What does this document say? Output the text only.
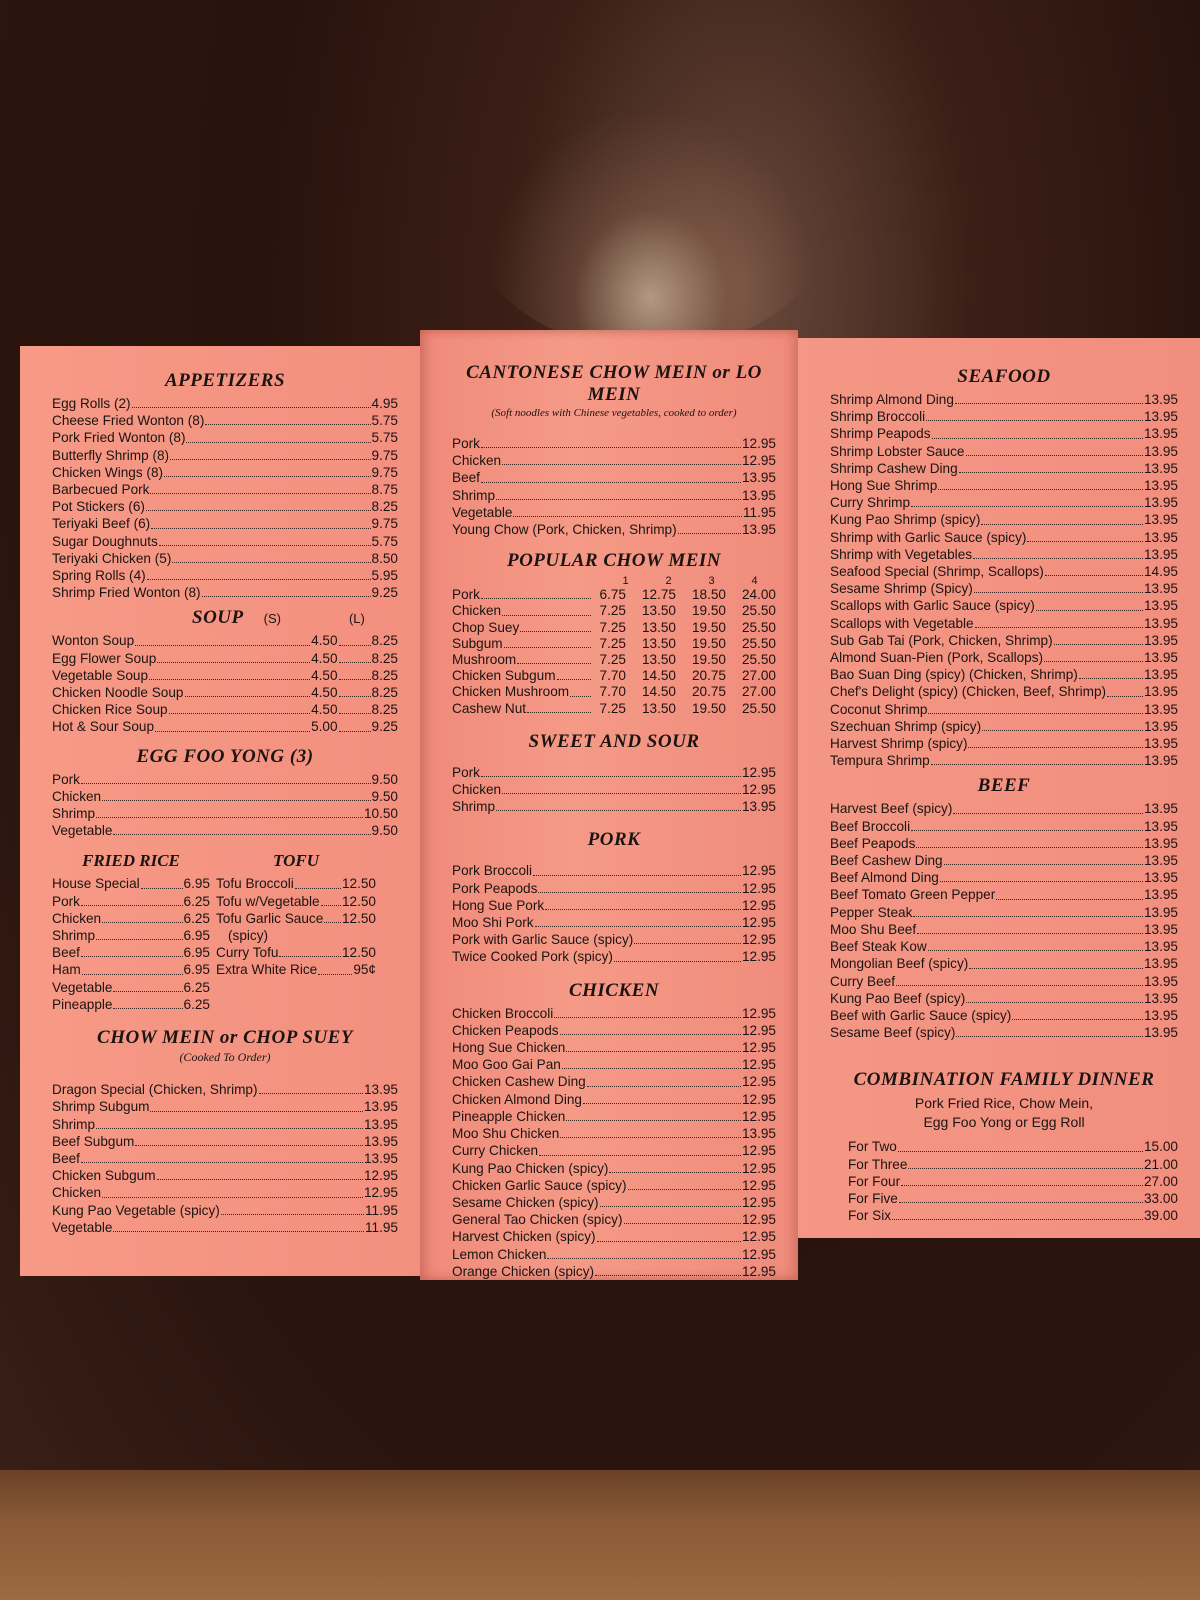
APPETIZERS
Egg Rolls (2)	4.95
Cheese Fried Wonton (8)	5.75
Pork Fried Wonton (8)	5.75
Butterfly Shrimp (8)	9.75
Chicken Wings (8)	9.75
Barbecued Pork	8.75
Pot Stickers (6)	8.25
Teriyaki Beef (6)	9.75
Sugar Doughnuts	5.75
Teriyaki Chicken (5)	8.50
Spring Rolls (4)	5.95
Shrimp Fried Wonton (8)	9.25
SOUP (S)	(L)
Wonton Soup	4.50	8.25
Egg Flower Soup	4.50	8.25
Vegetable Soup	4.50	8.25
Chicken Noodle Soup	4.50	8.25
Chicken Rice Soup	4.50	8.25
Hot & Sour Soup	5.00	9.25
EGG FOO YONG (3)
Pork	9.50
Chicken	9.50
Shrimp	10.50
Vegetable	9.50
FRIED RICE
House Special	6.95
Pork	6.25
Chicken	6.25
Shrimp	6.95
Beef	6.95
Ham	6.95
Vegetable	6.25
Pineapple	6.25
TOFU
Tofu Broccoli	12.50
Tofu w/Vegetable 12.50
Tofu Garlic Sauce 12.50
(spicy)
Curry Tofu	12.50
Extra White Rice	95¢
CHOW MEIN or CHOP SUEY
(Cooked To Order)
Dragon Special (Chicken, Shrimp)	13.95
Shrimp Subgum	13.95
Shrimp	13.95
Beef Subgum	13.95
Beef	13.95
Chicken Subgum	12.95
Chicken	12.95
Kung Pao Vegetable (spicy)	11.95
Vegetable	11.95
CANTONESE CHOW MEIN or LO MEIN
(Soft noodles with Chinese vegetables, cooked to order)
Pork	12.95
Chicken	12.95
Beef	13.95
Shrimp	13.95
Vegetable	11.95
Young Chow (Pork, Chicken, Shrimp)	13.95
POPULAR CHOW MEIN
1	2	3	4
Pork	6.75	12.75	18.50	24.00
Chicken	7.25	13.50	19.50	25.50
Chop Suey	7.25	13.50	19.50	25.50
Subgum	7.25	13.50	19.50	25.50
Mushroom	7.25	13.50	19.50	25.50
Chicken Subgum	7.70	14.50	20.75	27.00
Chicken Mushroom	7.70	14.50	20.75	27.00
Cashew Nut	7.25	13.50	19.50	25.50
SWEET AND SOUR
Pork	12.95
Chicken	12.95
Shrimp	13.95
PORK
Pork Broccoli	12.95
Pork Peapods	12.95
Hong Sue Pork	12.95
Moo Shi Pork	12.95
Pork with Garlic Sauce (spicy)	12.95
Twice Cooked Pork (spicy)	12.95
CHICKEN
Chicken Broccoli	12.95
Chicken Peapods	12.95
Hong Sue Chicken	12.95
Moo Goo Gai Pan	12.95
Chicken Cashew Ding	12.95
Chicken Almond Ding	12.95
Pineapple Chicken	12.95
Moo Shu Chicken	13.95
Curry Chicken	12.95
Kung Pao Chicken (spicy)	12.95
Chicken Garlic Sauce (spicy)	12.95
Sesame Chicken (spicy)	12.95
General Tao Chicken (spicy)	12.95
Harvest Chicken (spicy)	12.95
Lemon Chicken	12.95
Orange Chicken (spicy)	12.95
SEAFOOD
Shrimp Almond Ding	13.95
Shrimp Broccoli	13.95
Shrimp Peapods	13.95
Shrimp Lobster Sauce	13.95
Shrimp Cashew Ding	13.95
Hong Sue Shrimp	13.95
Curry Shrimp	13.95
Kung Pao Shrimp (spicy)	13.95
Shrimp with Garlic Sauce (spicy)	13.95
Shrimp with Vegetables	13.95
Seafood Special (Shrimp, Scallops)	14.95
Sesame Shrimp (Spicy)	13.95
Scallops with Garlic Sauce (spicy)	13.95
Scallops with Vegetable	13.95
Sub Gab Tai (Pork, Chicken, Shrimp)	13.95
Almond Suan-Pien (Pork, Scallops)	13.95
Bao Suan Ding (spicy) (Chicken, Shrimp)	13.95
Chef's Delight (spicy) (Chicken, Beef, Shrimp)	13.95
Coconut Shrimp	13.95
Szechuan Shrimp (spicy)	13.95
Harvest Shrimp (spicy)	13.95
Tempura Shrimp	13.95
BEEF
Harvest Beef (spicy)	13.95
Beef Broccoli	13.95
Beef Peapods	13.95
Beef Cashew Ding	13.95
Beef Almond Ding	13.95
Beef Tomato Green Pepper	13.95
Pepper Steak	13.95
Moo Shu Beef	13.95
Beef Steak Kow	13.95
Mongolian Beef (spicy)	13.95
Curry Beef	13.95
Kung Pao Beef (spicy)	13.95
Beef with Garlic Sauce (spicy)	13.95
Sesame Beef (spicy)	13.95
COMBINATION FAMILY DINNER
Pork Fried Rice, Chow Mein,
Egg Foo Yong or Egg Roll
For Two	15.00
For Three	21.00
For Four	27.00
For Five	33.00
For Six	39.00
